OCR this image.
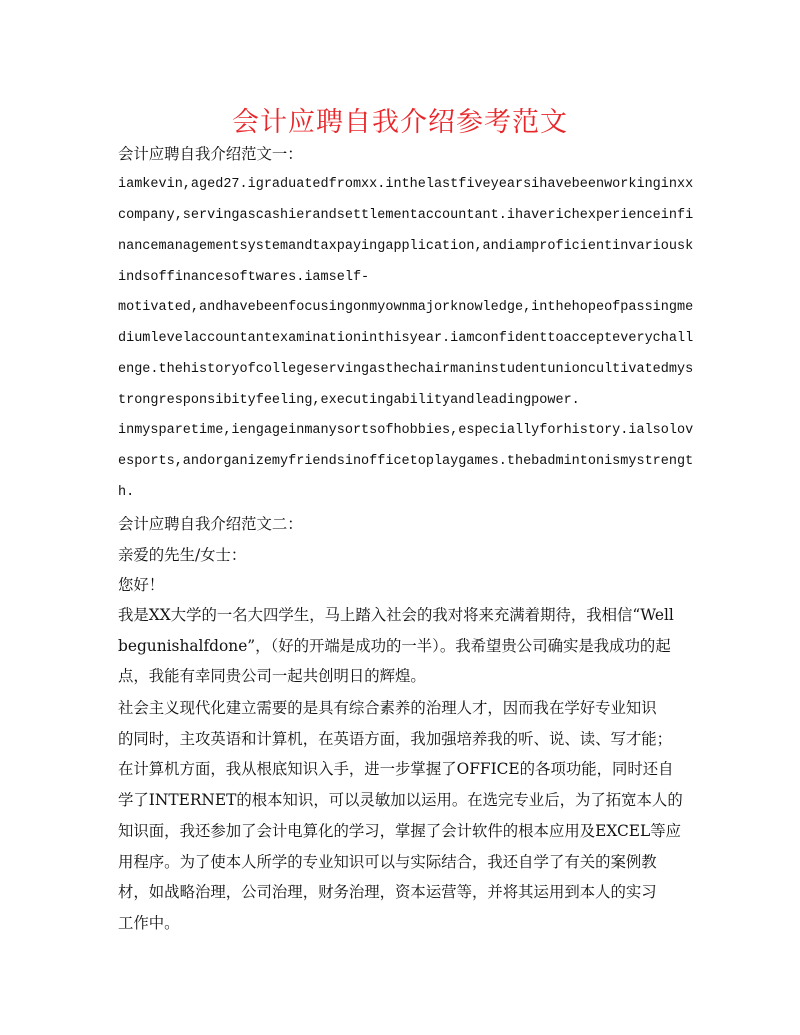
会计应聘自我介绍参考范文

会计应聘自我介绍范文一：

iamkevin,aged27.igraduatedfromxx.inthelastfiveyearsihavebeenworkinginxx

company,servingascashierandsettlementaccountant.ihaverichexperienceinfi

nancemanagementsystemandtaxpayingapplication,andiamproficientinvariousk

indsoffinancesoftwares.iamself-

motivated,andhavebeenfocusingonmyownmajorknowledge,inthehopeofpassingme

diumlevelaccountantexaminationinthisyear.iamconfidenttoaccepteverychall

enge.thehistoryofcollegeservingasthechairmaninstudentunioncultivatedmys

trongresponsibityfeeling,executingabilityandleadingpower.

inmysparetime,iengageinmanysortsofhobbies,especiallyforhistory.ialsolov

esports,andorganizemyfriendsinofficetoplaygames.thebadmintonismystrengt

h.

会计应聘自我介绍范文二：

亲爱的先生/女士：

您好！

我是XX大学的一名大四学生，马上踏入社会的我对将来充满着期待，我相信“Well

begunishalfdone”，（好的开端是成功的一半）。我希望贵公司确实是我成功的起

点，我能有幸同贵公司一起共创明日的辉煌。

社会主义现代化建立需要的是具有综合素养的治理人才，因而我在学好专业知识

的同时，主攻英语和计算机，在英语方面，我加强培养我的听、说、读、写才能；

在计算机方面，我从根底知识入手，进一步掌握了OFFICE的各项功能，同时还自

学了INTERNET的根本知识，可以灵敏加以运用。在选完专业后，为了拓宽本人的

知识面，我还参加了会计电算化的学习，掌握了会计软件的根本应用及EXCEL等应

用程序。为了使本人所学的专业知识可以与实际结合，我还自学了有关的案例教

材，如战略治理，公司治理，财务治理，资本运营等，并将其运用到本人的实习

工作中。
